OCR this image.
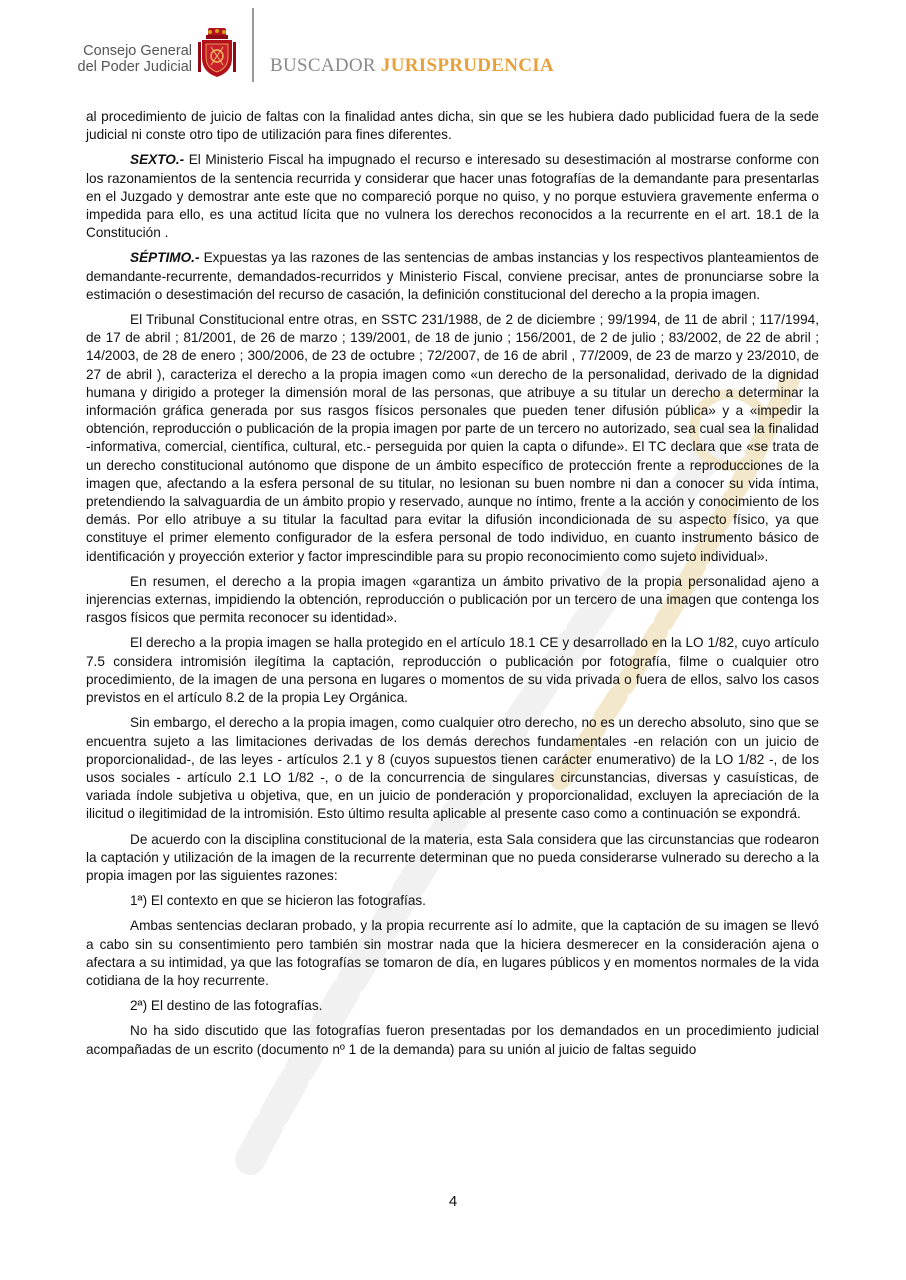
Consejo General
del Poder Judicial	BUSCADOR JURISPRUDENCIA

al procedimiento de juicio de faltas con la finalidad antes dicha, sin que se les hubiera dado publicidad fuera de la sede judicial ni conste otro tipo de utilización para fines diferentes.

SEXTO.- El Ministerio Fiscal ha impugnado el recurso e interesado su desestimación al mostrarse conforme con los razonamientos de la sentencia recurrida y considerar que hacer unas fotografías de la demandante para presentarlas en el Juzgado y demostrar ante este que no compareció porque no quiso, y no porque estuviera gravemente enferma o impedida para ello, es una actitud lícita que no vulnera los derechos reconocidos a la recurrente en el art. 18.1 de la Constitución .

SÉPTIMO.- Expuestas ya las razones de las sentencias de ambas instancias y los respectivos planteamientos de demandante-recurrente, demandados-recurridos y Ministerio Fiscal, conviene precisar, antes de pronunciarse sobre la estimación o desestimación del recurso de casación, la definición constitucional del derecho a la propia imagen.

El Tribunal Constitucional entre otras, en SSTC 231/1988, de 2 de diciembre ; 99/1994, de 11 de abril ; 117/1994, de 17 de abril ; 81/2001, de 26 de marzo ; 139/2001, de 18 de junio ; 156/2001, de 2 de julio ; 83/2002, de 22 de abril ; 14/2003, de 28 de enero ; 300/2006, de 23 de octubre ; 72/2007, de 16 de abril , 77/2009, de 23 de marzo y 23/2010, de 27 de abril ), caracteriza el derecho a la propia imagen como «un derecho de la personalidad, derivado de la dignidad humana y dirigido a proteger la dimensión moral de las personas, que atribuye a su titular un derecho a determinar la información gráfica generada por sus rasgos físicos personales que pueden tener difusión pública» y a «impedir la obtención, reproducción o publicación de la propia imagen por parte de un tercero no autorizado, sea cual sea la finalidad -informativa, comercial, científica, cultural, etc.- perseguida por quien la capta o difunde». El TC declara que «se trata de un derecho constitucional autónomo que dispone de un ámbito específico de protección frente a reproducciones de la imagen que, afectando a la esfera personal de su titular, no lesionan su buen nombre ni dan a conocer su vida íntima, pretendiendo la salvaguardia de un ámbito propio y reservado, aunque no íntimo, frente a la acción y conocimiento de los demás. Por ello atribuye a su titular la facultad para evitar la difusión incondicionada de su aspecto físico, ya que constituye el primer elemento configurador de la esfera personal de todo individuo, en cuanto instrumento básico de identificación y proyección exterior y factor imprescindible para su propio reconocimiento como sujeto individual».

En resumen, el derecho a la propia imagen «garantiza un ámbito privativo de la propia personalidad ajeno a injerencias externas, impidiendo la obtención, reproducción o publicación por un tercero de una imagen que contenga los rasgos físicos que permita reconocer su identidad».

El derecho a la propia imagen se halla protegido en el artículo 18.1 CE y desarrollado en la LO 1/82, cuyo artículo 7.5 considera intromisión ilegítima la captación, reproducción o publicación por fotografía, filme o cualquier otro procedimiento, de la imagen de una persona en lugares o momentos de su vida privada o fuera de ellos, salvo los casos previstos en el artículo 8.2 de la propia Ley Orgánica.

Sin embargo, el derecho a la propia imagen, como cualquier otro derecho, no es un derecho absoluto, sino que se encuentra sujeto a las limitaciones derivadas de los demás derechos fundamentales -en relación con un juicio de proporcionalidad-, de las leyes - artículos 2.1 y 8 (cuyos supuestos tienen carácter enumerativo) de la LO 1/82 -, de los usos sociales - artículo 2.1 LO 1/82 -, o de la concurrencia de singulares circunstancias, diversas y casuísticas, de variada índole subjetiva u objetiva, que, en un juicio de ponderación y proporcionalidad, excluyen la apreciación de la ilicitud o ilegitimidad de la intromisión. Esto último resulta aplicable al presente caso como a continuación se expondrá.

De acuerdo con la disciplina constitucional de la materia, esta Sala considera que las circunstancias que rodearon la captación y utilización de la imagen de la recurrente determinan que no pueda considerarse vulnerado su derecho a la propia imagen por las siguientes razones:

1ª) El contexto en que se hicieron las fotografías.

Ambas sentencias declaran probado, y la propia recurrente así lo admite, que la captación de su imagen se llevó a cabo sin su consentimiento pero también sin mostrar nada que la hiciera desmerecer en la consideración ajena o afectara a su intimidad, ya que las fotografías se tomaron de día, en lugares públicos y en momentos normales de la vida cotidiana de la hoy recurrente.

2ª) El destino de las fotografías.

No ha sido discutido que las fotografías fueron presentadas por los demandados en un procedimiento judicial acompañadas de un escrito (documento nº 1 de la demanda) para su unión al juicio de faltas seguido

4
